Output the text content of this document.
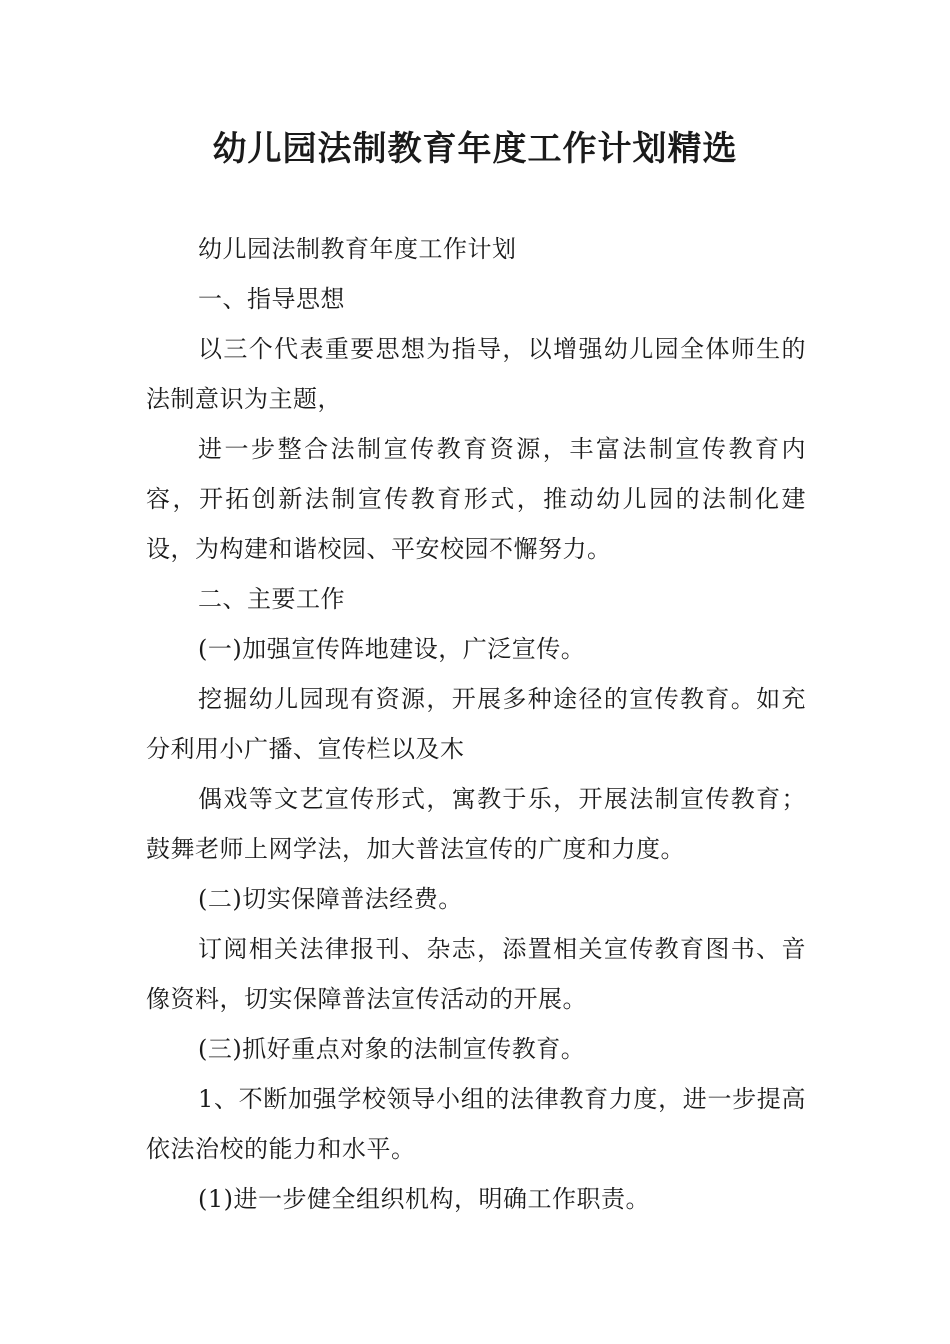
幼儿园法制教育年度工作计划精选

幼儿园法制教育年度工作计划

一、指导思想

以三个代表重要思想为指导，以增强幼儿园全体师生的法制意识为主题，

进一步整合法制宣传教育资源，丰富法制宣传教育内容，开拓创新法制宣传教育形式，推动幼儿园的法制化建设，为构建和谐校园、平安校园不懈努力。

二、主要工作

(一)加强宣传阵地建设，广泛宣传。

挖掘幼儿园现有资源，开展多种途径的宣传教育。如充分利用小广播、宣传栏以及木

偶戏等文艺宣传形式，寓教于乐，开展法制宣传教育；鼓舞老师上网学法，加大普法宣传的广度和力度。

(二)切实保障普法经费。

订阅相关法律报刊、杂志，添置相关宣传教育图书、音像资料，切实保障普法宣传活动的开展。

(三)抓好重点对象的法制宣传教育。

1、不断加强学校领导小组的法律教育力度，进一步提高依法治校的能力和水平。

(1)进一步健全组织机构，明确工作职责。
